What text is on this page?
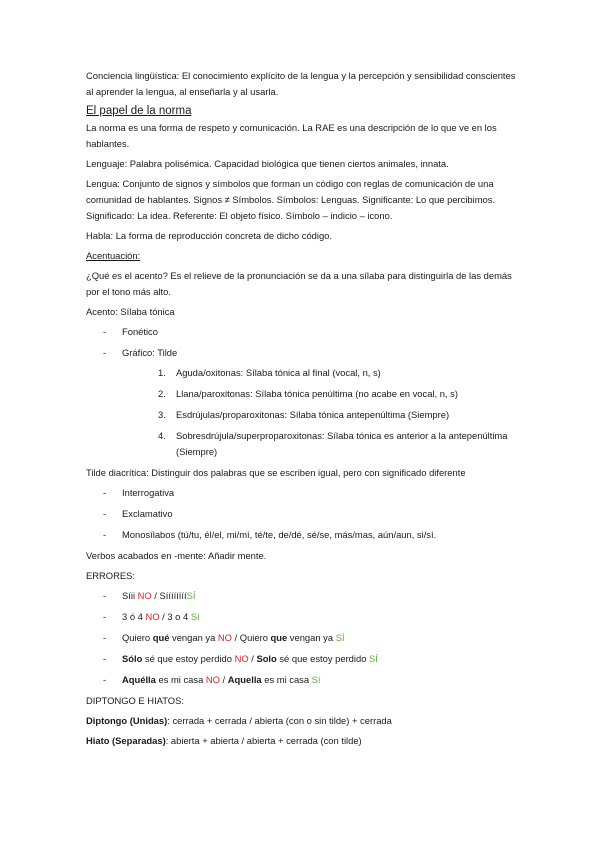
Conciencia lingüística: El conocimiento explícito de la lengua y la percepción y sensibilidad conscientes al aprender la lengua, al enseñarla y al usarla.

El papel de la norma

La norma es una forma de respeto y comunicación. La RAE es una descripción de lo que ve en los hablantes.

Lenguaje: Palabra polisémica. Capacidad biológica que tienen ciertos animales, innata.

Lengua: Conjunto de signos y símbolos que forman un código con reglas de comunicación de una comunidad de hablantes. Signos ≠ Símbolos. Símbolos: Lenguas. Significante: Lo que percibimos. Significado: La idea. Referente: El objeto físico. Símbolo – indicio – icono.

Habla: La forma de reproducción concreta de dicho código.

Acentuación:

¿Qué es el acento? Es el relieve de la pronunciación se da a una sílaba para distinguirla de las demás por el tono más alto.

Acento: Sílaba tónica

- Fonético
- Gráfico: Tilde
1. Aguda/oxitonas: Sílaba tónica al final (vocal, n, s)
2. Llana/paroxitonas: Sílaba tónica penúltima (no acabe en vocal, n, s)
3. Esdrújulas/proparoxitonas: Sílaba tónica antepenúltima (Siempre)
4. Sobresdrújula/superproparoxitonas: Sílaba tónica es anterior a la antepenúltima (Siempre)

Tilde diacrítica: Distinguir dos palabras que se escriben igual, pero con significado diferente

- Interrogativa
- Exclamativo
- Monosílabos (tú/tu, él/el, mi/mí, té/te, de/dé, sé/se, más/mas, aún/aun, si/sí.

Verbos acabados en -mente: Añadir mente.

ERRORES:

- Síii NO / SííííííííSÍ
- 3 ó 4 NO / 3 o 4 Sí
- Quiero qué vengan ya NO / Quiero que vengan ya SÍ
- Sólo sé que estoy perdido NO / Solo sé que estoy perdido SÍ
- Aquélla es mi casa NO / Aquella es mi casa Sí

DIPTONGO E HIATOS:

Diptongo (Unidas): cerrada + cerrada / abierta (con o sin tilde) + cerrada

Hiato (Separadas): abierta + abierta / abierta + cerrada (con tilde)
